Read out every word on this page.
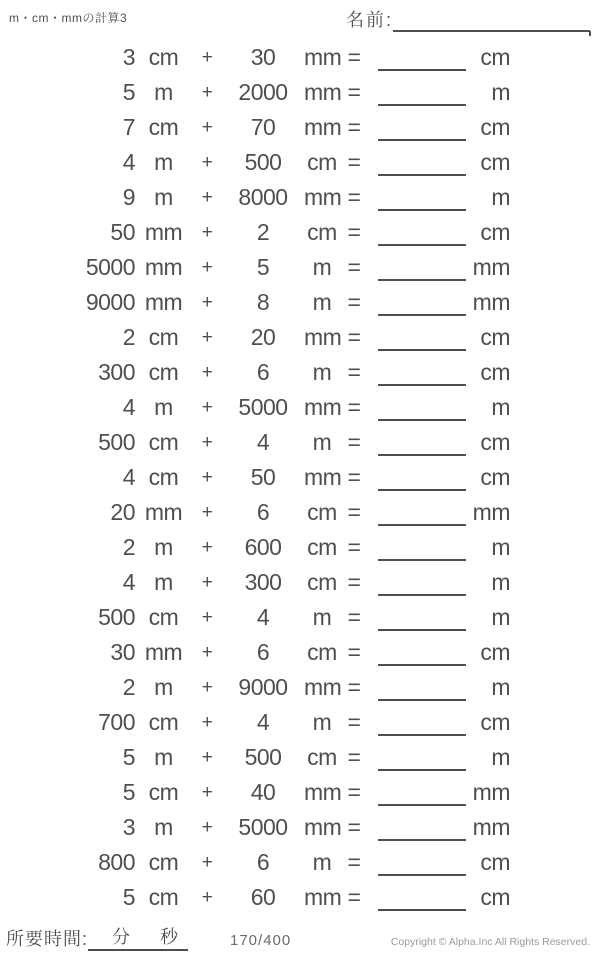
m・cm・mmの計算3	名前:
3 cm	+	30	mm =	cm
5 m	+	2000 mm =	m
7 cm	+	70	mm =	cm
4 m	+	500	cm =	cm
9 m	+	8000 mm =	m
50 mm	+	2	cm =	cm
5000 mm	+	5	m =	mm
9000 mm	+	8	m =	mm
2 cm	+	20	mm =	cm
300 cm	+	6	m =	cm
4 m	+	5000 mm =	m
500 cm	+	4	m =	cm
4 cm	+	50	mm =	cm
20 mm	+	6	cm =	mm
2 m	+	600	cm =	m
4 m	+	300	cm =	m
500 cm	+	4	m =	m
30 mm	+	6	cm =	cm
2 m	+	9000 mm =	m
700 cm	+	4	m =	cm
5 m	+	500	cm =	m
5 cm	+	40	mm =	mm
3 m	+	5000 mm =	mm
800 cm	+	6	m =	cm
5 cm	+	60	mm =	cm
所要時間: 分 秒	170/400	Copyright © Alpha.Inc All Rights Reserved.
